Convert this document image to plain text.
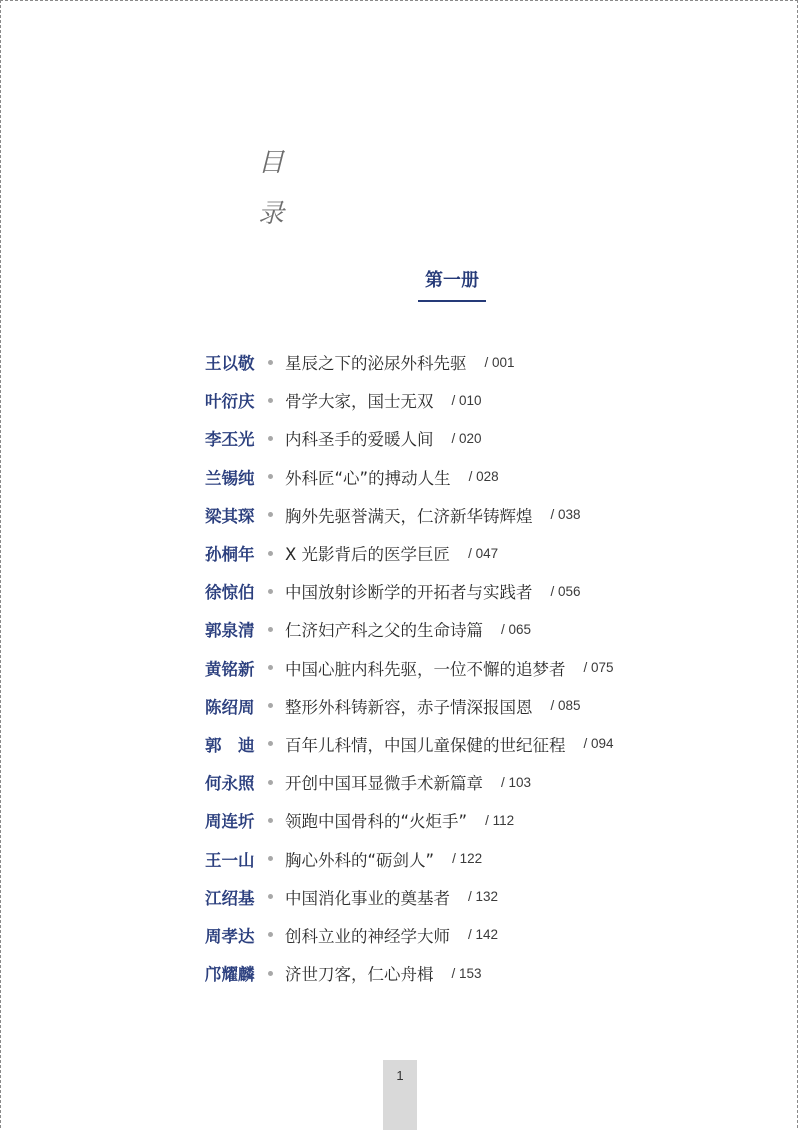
目
录
第一册
王以敬	星辰之下的泌尿外科先驱 / 001
叶衍庆	骨学大家，国士无双 / 010
李丕光	内科圣手的爱暖人间 / 020
兰锡纯	外科匠“心”的搏动人生 / 028
梁其琛	胸外先驱誉满天，仁济新华铸辉煌 / 038
孙桐年	X 光影背后的医学巨匠 / 047
徐惊伯	中国放射诊断学的开拓者与实践者 / 056
郭泉清	仁济妇产科之父的生命诗篇 / 065
黄铭新	中国心脏内科先驱，一位不懈的追梦者 / 075
陈绍周	整形外科铸新容，赤子情深报国恩 / 085
郭　迪	百年儿科情，中国儿童保健的世纪征程 / 094
何永照	开创中国耳显微手术新篇章 / 103
周连圻	领跑中国骨科的“火炬手” / 112
王一山	胸心外科的“砺剑人” / 122
江绍基	中国消化事业的奠基者 / 132
周孝达	创科立业的神经学大师 / 142
邝耀麟	济世刀客，仁心舟楫 / 153
1
